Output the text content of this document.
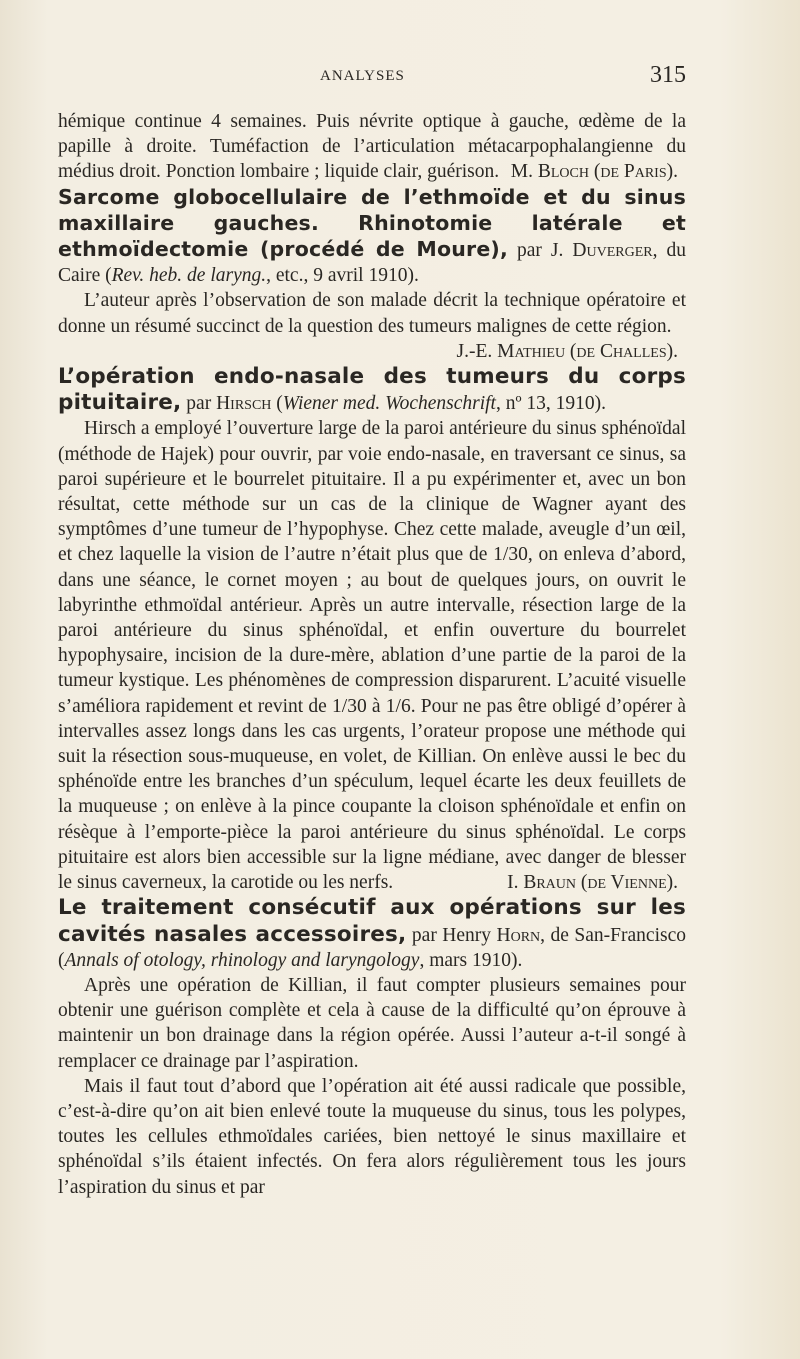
ANALYSES	315

hémique continue 4 semaines. Puis névrite optique à gauche, œdème de la papille à droite. Tuméfaction de l’articulation métacarpophalangienne du médius droit. Ponction lombaire ; liquide clair, guérison. M. Bloch (de Paris).

Sarcome globocellulaire de l’ethmoïde et du sinus maxillaire gauches. Rhinotomie latérale et ethmoïdectomie (procédé de Moure), par J. Duverger, du Caire (Rev. heb. de laryng., etc., 9 avril 1910).

L’auteur après l’observation de son malade décrit la technique opératoire et donne un résumé succinct de la question des tumeurs malignes de cette région.
J.-E. Mathieu (de Challes).

L’opération endo-nasale des tumeurs du corps pituitaire, par Hirsch (Wiener med. Wochenschrift, nº 13, 1910).

Hirsch a employé l’ouverture large de la paroi antérieure du sinus sphénoïdal (méthode de Hajek) pour ouvrir, par voie endo-nasale, en traversant ce sinus, sa paroi supérieure et le bourrelet pituitaire. Il a pu expérimenter et, avec un bon résultat, cette méthode sur un cas de la clinique de Wagner ayant des symptômes d’une tumeur de l’hypophyse. Chez cette malade, aveugle d’un œil, et chez laquelle la vision de l’autre n’était plus que de 1/30, on enleva d’abord, dans une séance, le cornet moyen ; au bout de quelques jours, on ouvrit le labyrinthe ethmoïdal antérieur. Après un autre intervalle, résection large de la paroi antérieure du sinus sphénoïdal, et enfin ouverture du bourrelet hypophysaire, incision de la dure-mère, ablation d’une partie de la paroi de la tumeur kystique. Les phénomènes de compression disparurent. L’acuité visuelle s’améliora rapidement et revint de 1/30 à 1/6. Pour ne pas être obligé d’opérer à intervalles assez longs dans les cas urgents, l’orateur propose une méthode qui suit la résection sous-muqueuse, en volet, de Killian. On enlève aussi le bec du sphénoïde entre les branches d’un spéculum, lequel écarte les deux feuillets de la muqueuse ; on enlève à la pince coupante la cloison sphénoïdale et enfin on résèque à l’emporte-pièce la paroi antérieure du sinus sphénoïdal. Le corps pituitaire est alors bien accessible sur la ligne médiane, avec danger de blesser le sinus caverneux, la carotide ou les nerfs.	I. Braun (de Vienne).

Le traitement consécutif aux opérations sur les cavités nasales accessoires, par Henry Horn, de San-Francisco (Annals of otology, rhinology and laryngology, mars 1910).

Après une opération de Killian, il faut compter plusieurs semaines pour obtenir une guérison complète et cela à cause de la difficulté qu’on éprouve à maintenir un bon drainage dans la région opérée. Aussi l’auteur a-t-il songé à remplacer ce drainage par l’aspiration.

Mais il faut tout d’abord que l’opération ait été aussi radicale que possible, c’est-à-dire qu’on ait bien enlevé toute la muqueuse du sinus, tous les polypes, toutes les cellules ethmoïdales cariées, bien nettoyé le sinus maxillaire et sphénoïdal s’ils étaient infectés. On fera alors régulièrement tous les jours l’aspiration du sinus et par
